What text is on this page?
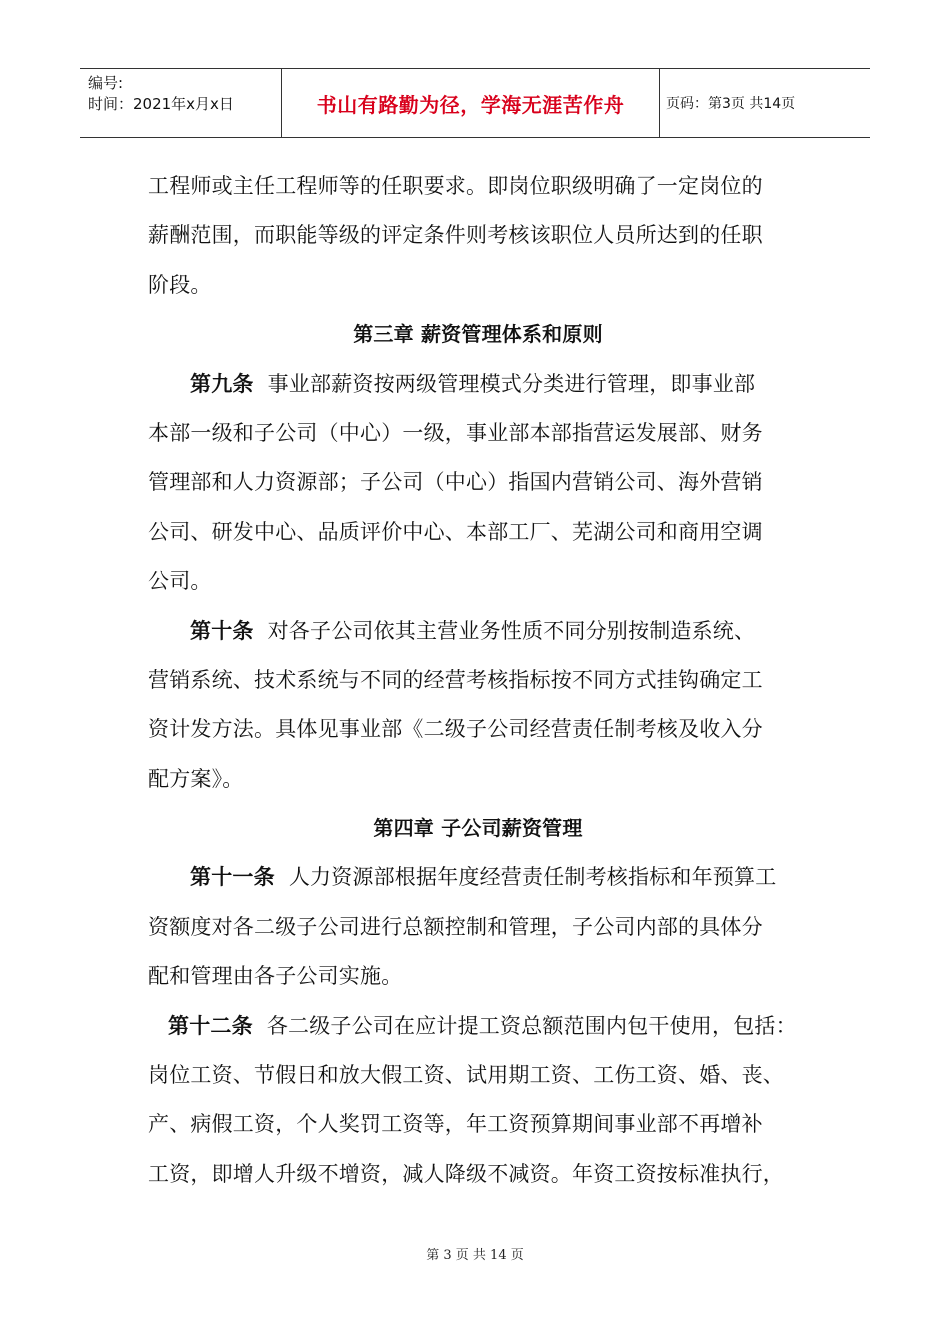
编号:
时间：2021年x月x日	书山有路勤为径，学海无涯苦作舟	页码：第3页 共14页
工程师或主任工程师等的任职要求。即岗位职级明确了一定岗位的
薪酬范围，而职能等级的评定条件则考核该职位人员所达到的任职
阶段。
第三章 薪资管理体系和原则
第九条 事业部薪资按两级管理模式分类进行管理，即事业部
本部一级和子公司（中心）一级，事业部本部指营运发展部、财务
管理部和人力资源部；子公司（中心）指国内营销公司、海外营销
公司、研发中心、品质评价中心、本部工厂、芜湖公司和商用空调
公司。
第十条 对各子公司依其主营业务性质不同分别按制造系统、
营销系统、技术系统与不同的经营考核指标按不同方式挂钩确定工
资计发方法。具体见事业部《二级子公司经营责任制考核及收入分
配方案》。
第四章 子公司薪资管理
第十一条 人力资源部根据年度经营责任制考核指标和年预算工
资额度对各二级子公司进行总额控制和管理，子公司内部的具体分
配和管理由各子公司实施。
第十二条 各二级子公司在应计提工资总额范围内包干使用，包括：
岗位工资、节假日和放大假工资、试用期工资、工伤工资、婚、丧、
产、病假工资，个人奖罚工资等，年工资预算期间事业部不再增补
工资，即增人升级不增资，减人降级不减资。年资工资按标准执行，
第 3 页 共 14 页
